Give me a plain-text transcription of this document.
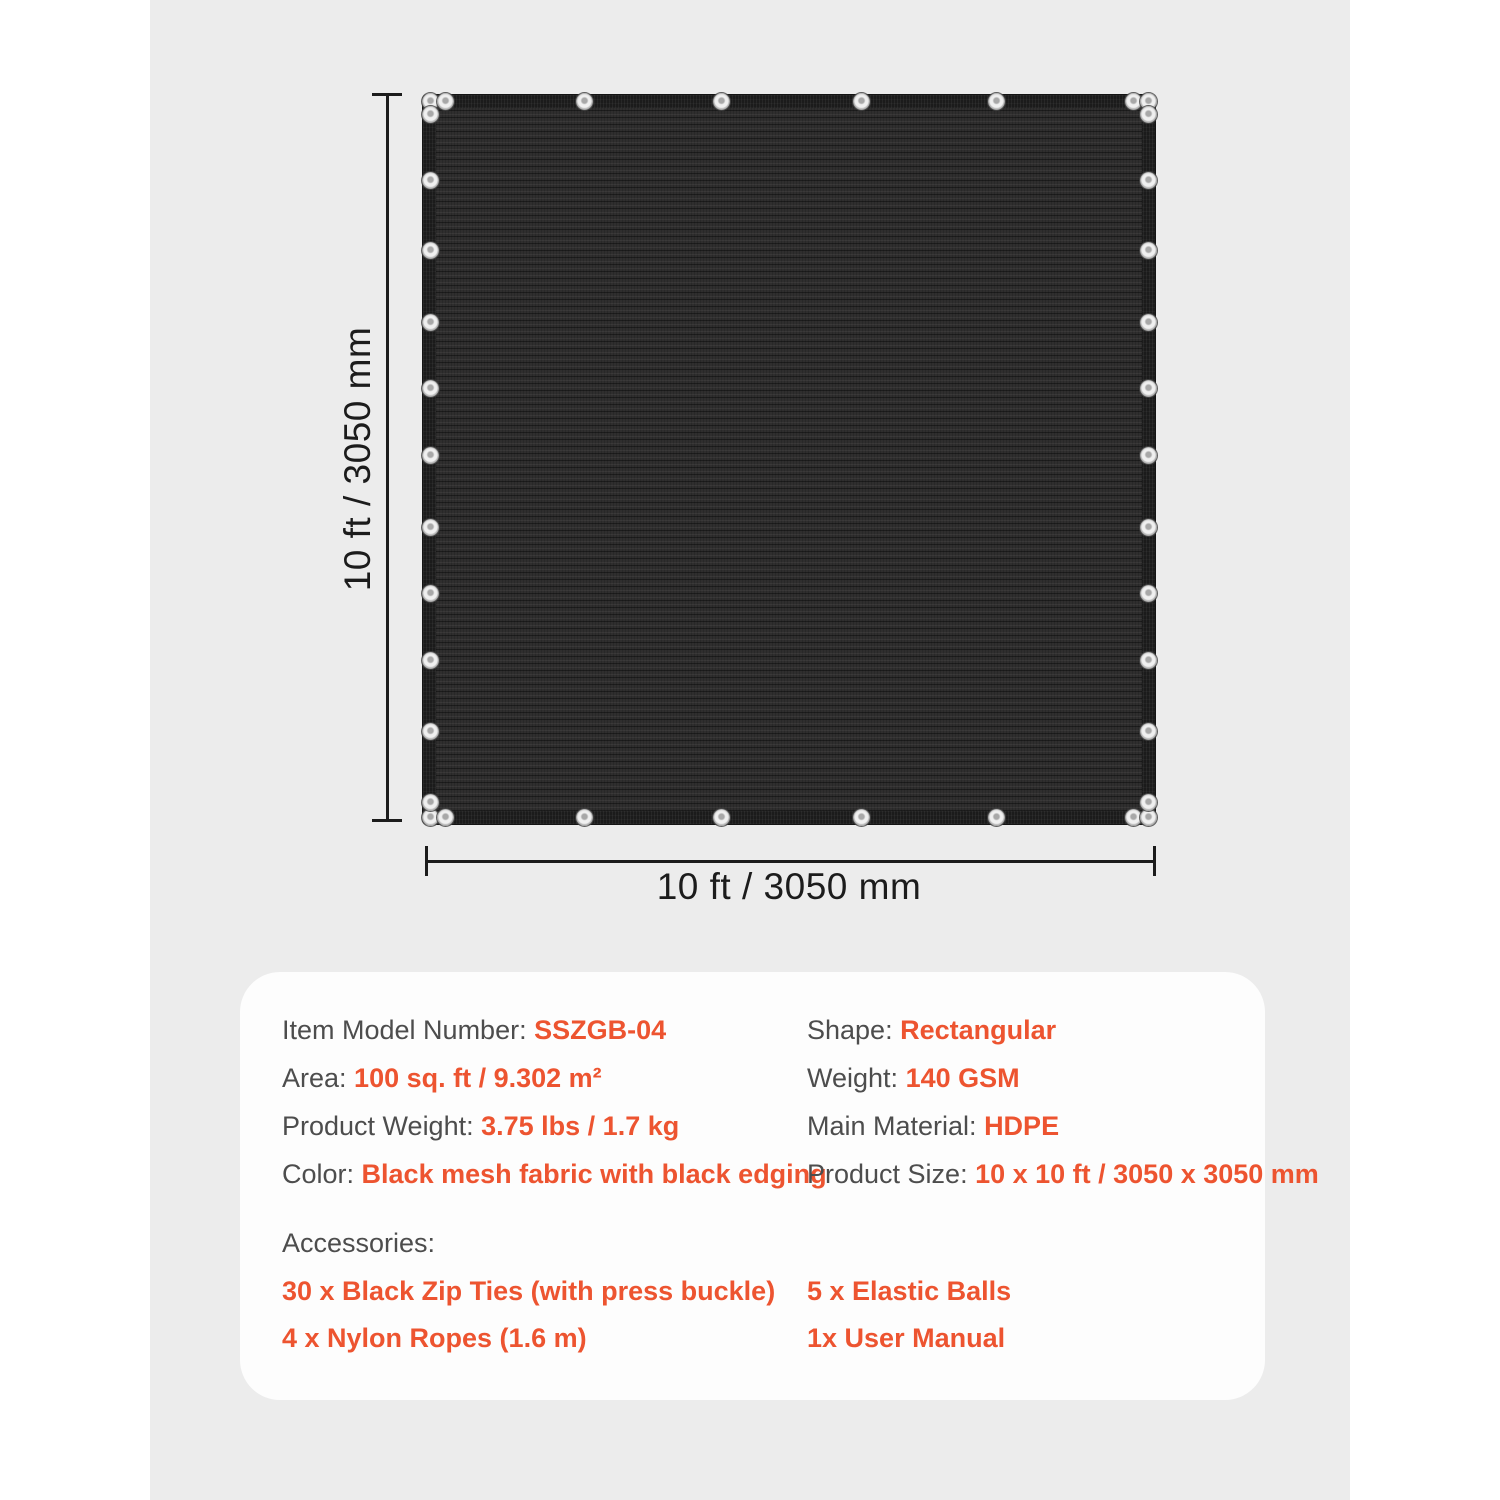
10 ft / 3050 mm
10 ft / 3050 mm
Item Model Number: SSZGB-04
Area: 100 sq. ft / 9.302 m²
Product Weight: 3.75 lbs / 1.7 kg
Color: Black mesh fabric with black edging
Shape: Rectangular
Weight: 140 GSM
Main Material: HDPE
Product Size: 10 x 10 ft / 3050 x 3050 mm
Accessories:
30 x Black Zip Ties (with press buckle)
4 x Nylon Ropes (1.6 m)
5 x Elastic Balls
1x User Manual
